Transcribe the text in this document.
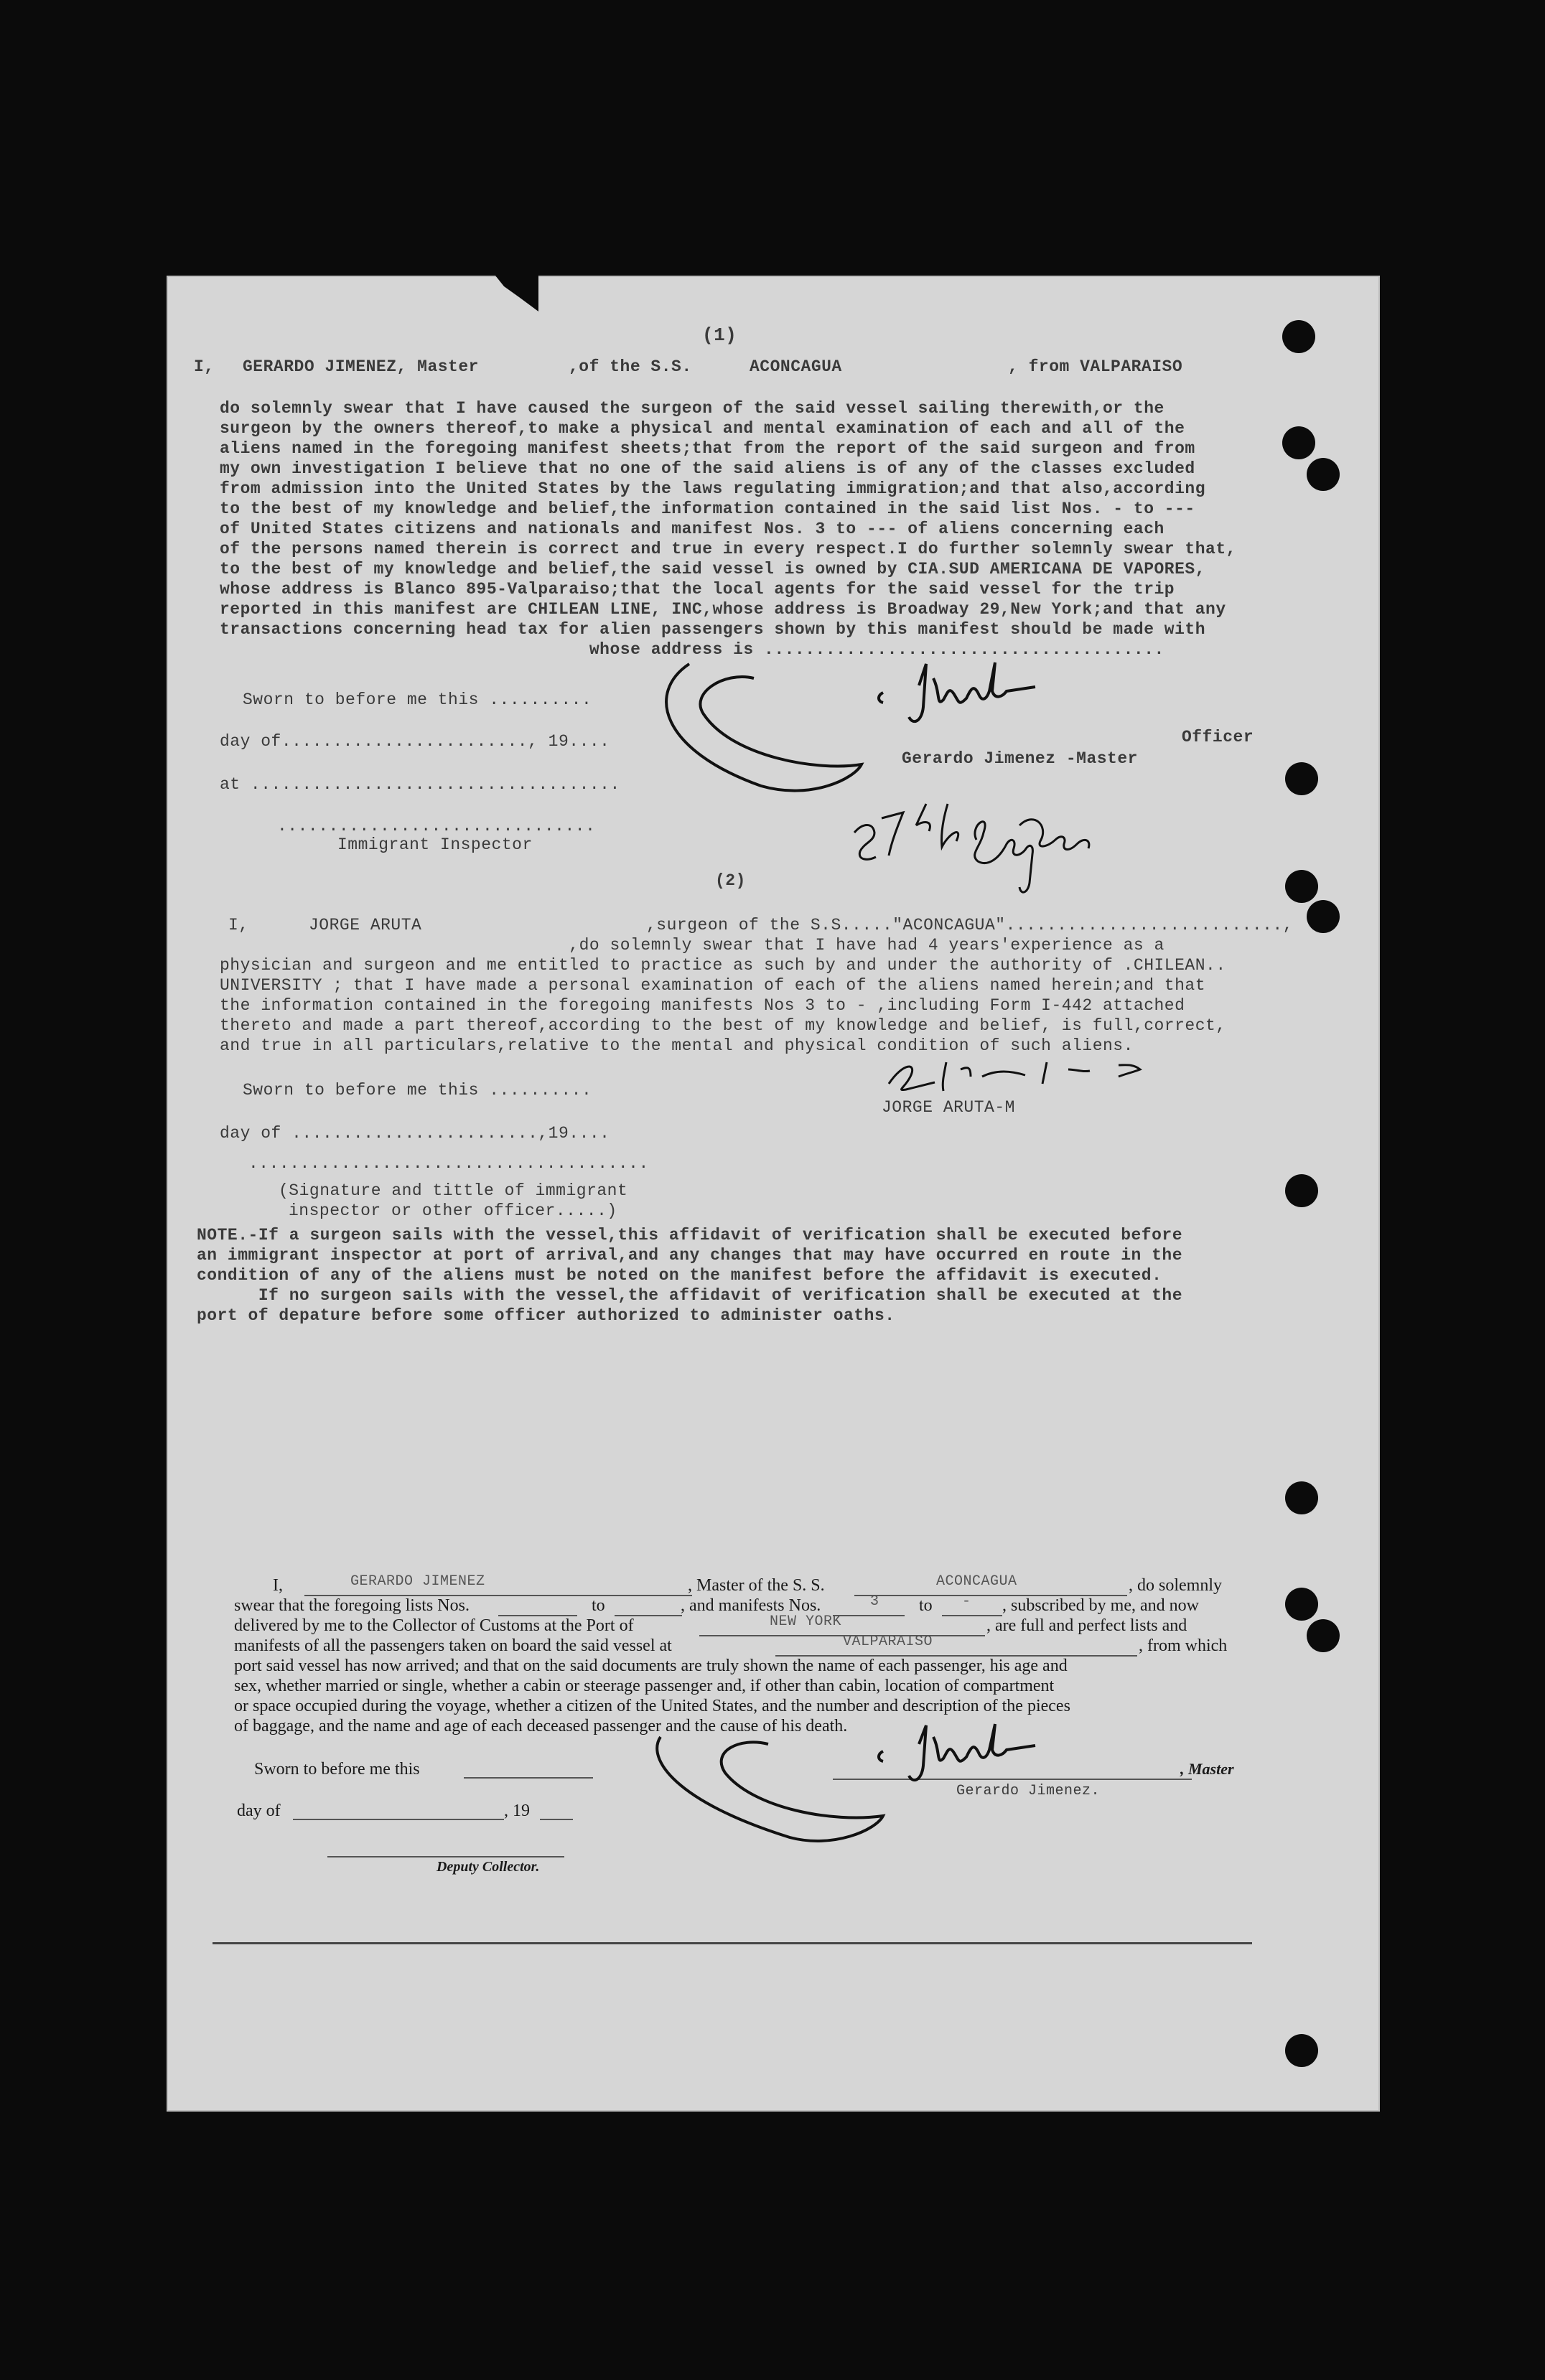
(1)
I, GERARDO JIMENEZ, Master	,of the S.S.	ACONCAGUA	, from VALPARAISO
do solemnly swear that I have caused the surgeon of the said vessel sailing therewith,or the
surgeon by the owners thereof,to make a physical and mental examination of each and all of the
aliens named in the foregoing manifest sheets;that from the report of the said surgeon and from
my own investigation I believe that no one of the said aliens is of any of the classes excluded
from admission into the United States by the laws regulating immigration;and that also,according
to the best of my knowledge and belief,the information contained in the said list Nos. - to ---
of United States citizens and nationals and manifest Nos. 3 to --- of aliens concerning each
of the persons named therein is correct and true in every respect.I do further solemnly swear that,
to the best of my knowledge and belief,the said vessel is owned by CIA.SUD AMERICANA DE VAPORES,
whose address is Blanco 895-Valparaiso;that the local agents for the said vessel for the trip
reported in this manifest are CHILEAN LINE, INC,whose address is Broadway 29,New York;and that any
transactions concerning head tax for alien passengers shown by this manifest should be made with
whose address is .......................................
Sworn to before me this ..........
day of........................, 19....
at ....................................
...............................
Immigrant Inspector
Officer
Gerardo Jimenez -Master
(2)
I,	JORGE ARUTA	,surgeon of the S.S....."ACONCAGUA"...........................,
,do solemnly swear that I have had 4 years'experience as a
physician and surgeon and me entitled to practice as such by and under the authority of .CHILEAN..
UNIVERSITY ; that I have made a personal examination of each of the aliens named herein;and that
the information contained in the foregoing manifests Nos 3 to - ,including Form I-442 attached
thereto and made a part thereof,according to the best of my knowledge and belief, is full,correct,
and true in all particulars,relative to the mental and physical condition of such aliens.
Sworn to before me this ..........
day of ........................,19....
JORGE ARUTA-M
.......................................
(Signature and tittle of immigrant
inspector or other officer.....)
NOTE.-If a surgeon sails with the vessel,this affidavit of verification shall be executed before
an immigrant inspector at port of arrival,and any changes that may have occurred en route in the
condition of any of the aliens must be noted on the manifest before the affidavit is executed.
If no surgeon sails with the vessel,the affidavit of verification shall be executed at the
port of depature before some officer authorized to administer oaths.
I,	GERARDO JIMENEZ	, Master of the S. S.	ACONCAGUA	, do solemnly
swear that the foregoing lists Nos.	to	, and manifests Nos.	3 to - , subscribed by me, and now
delivered by me to the Collector of Customs at the Port of	NEW YORK	, are full and perfect lists and
manifests of all the passengers taken on board the said vessel at	VALPARAISO	, from which
port said vessel has now arrived; and that on the said documents are truly shown the name of each passenger, his age and
sex, whether married or single, whether a cabin or steerage passenger and, if other than cabin, location of compartment
or space occupied during the voyage, whether a citizen of the United States, and the number and description of the pieces
of baggage, and the name and age of each deceased passenger and the cause of his death.
Sworn to before me this
day of	, 19
, Master
Gerardo Jimenez.
Deputy Collector.
